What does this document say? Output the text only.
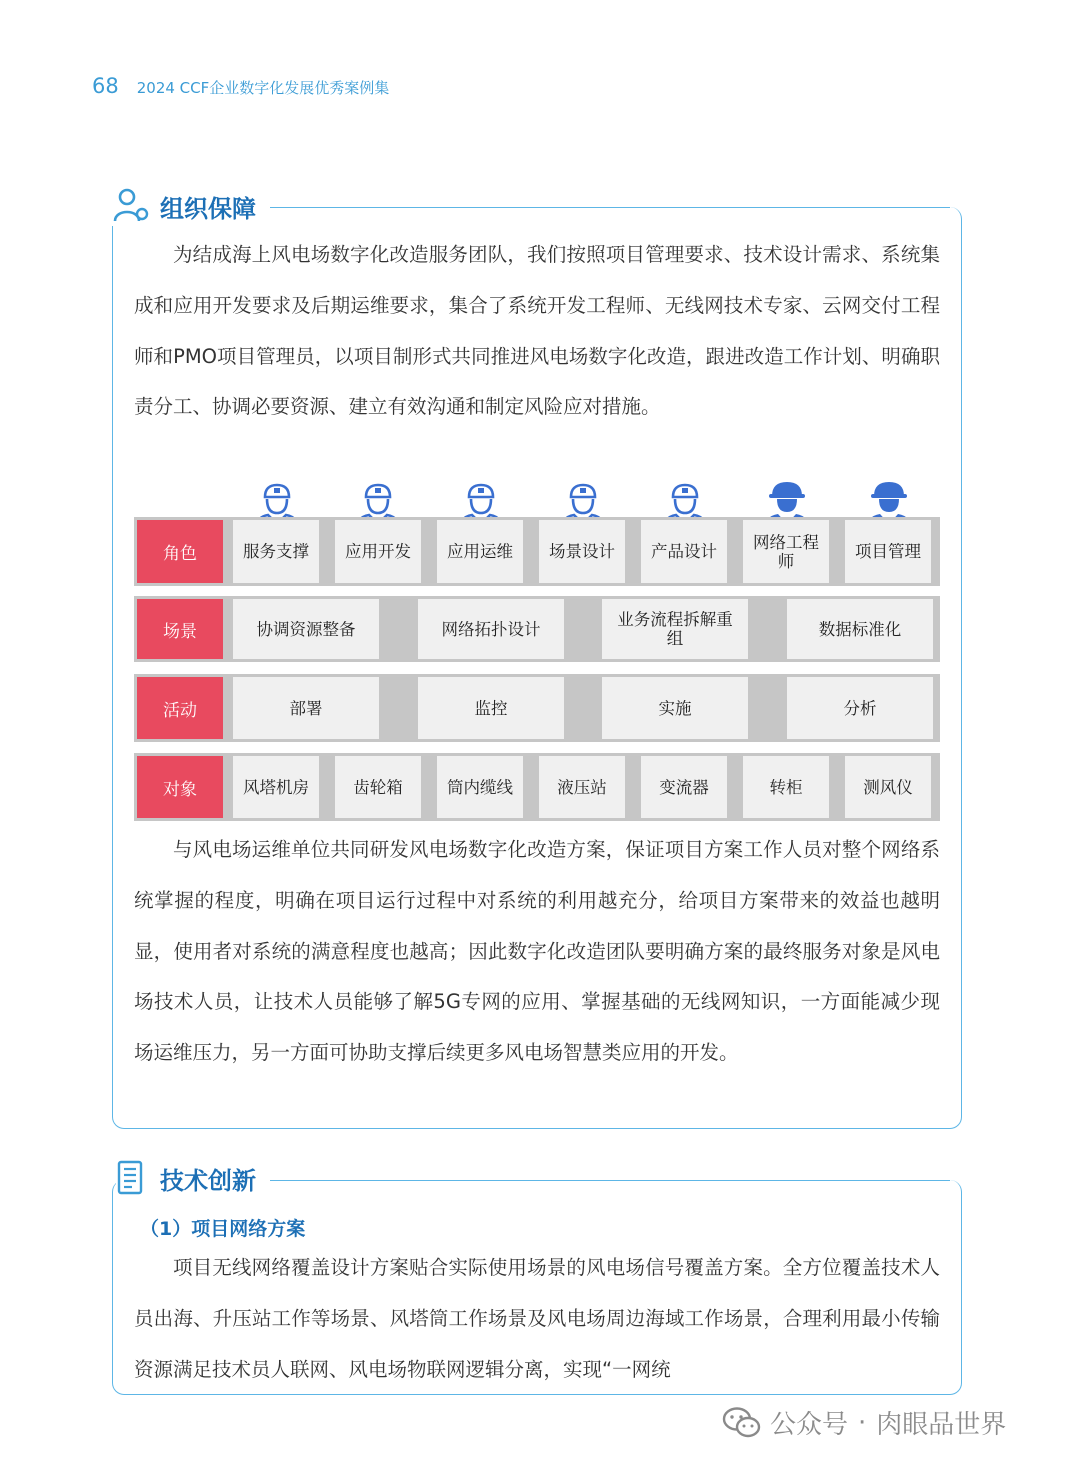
68 2024 CCF企业数字化发展优秀案例集
组织保障
为结成海上风电场数字化改造服务团队，我们按照项目管理要求、技术设计需求、系统集成和应用开发要求及后期运维要求，集合了系统开发工程师、无线网技术专家、云网交付工程师和PMO项目管理员，以项目制形式共同推进风电场数字化改造，跟进改造工作计划、明确职责分工、协调必要资源、建立有效沟通和制定风险应对措施。
角色	服务支撑	应用开发	应用运维	场景设计	产品设计	网络工程师	项目管理
场景	协调资源整备	网络拓扑设计	业务流程拆解重组	数据标准化
活动	部署	监控	实施	分析
对象	风塔机房	齿轮箱	筒内缆线	液压站	变流器	转柜	测风仪
与风电场运维单位共同研发风电场数字化改造方案，保证项目方案工作人员对整个网络系统掌握的程度，明确在项目运行过程中对系统的利用越充分，给项目方案带来的效益也越明显，使用者对系统的满意程度也越高；因此数字化改造团队要明确方案的最终服务对象是风电场技术人员，让技术人员能够了解5G专网的应用、掌握基础的无线网知识，一方面能减少现场运维压力，另一方面可协助支撑后续更多风电场智慧类应用的开发。
技术创新
（1）项目网络方案
项目无线网络覆盖设计方案贴合实际使用场景的风电场信号覆盖方案。全方位覆盖技术人员出海、升压站工作等场景、风塔筒工作场景及风电场周边海域工作场景，合理利用最小传输资源满足技术员人联网、风电场物联网逻辑分离，实现“一网统
公众号 · 肉眼品世界
